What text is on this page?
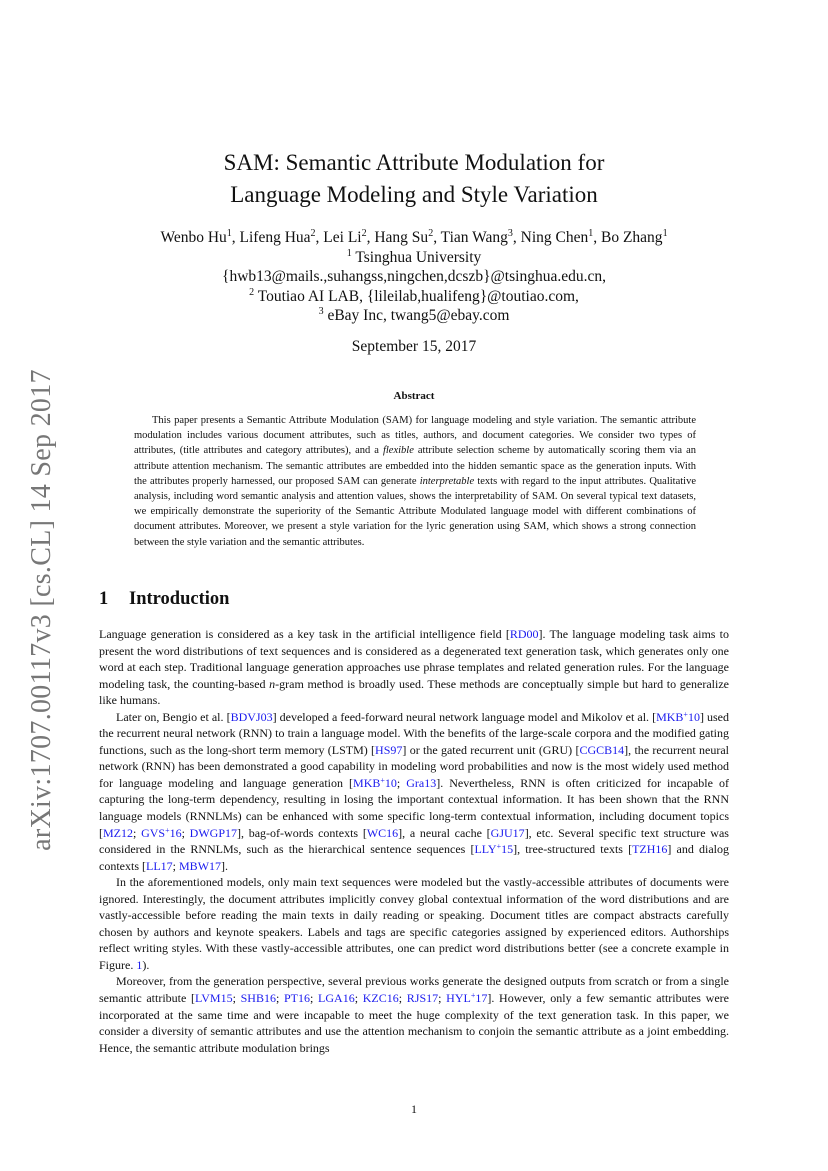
arXiv:1707.00117v3 [cs.CL] 14 Sep 2017
SAM: Semantic Attribute Modulation for
Language Modeling and Style Variation
Wenbo Hu$^1$, Lifeng Hua$^2$, Lei Li$^2$, Hang Su$^2$, Tian Wang$^3$, Ning Chen$^1$, Bo Zhang$^1$
$^1$ Tsinghua University
{hwb13@mails.,suhangss,ningchen,dcszb}@tsinghua.edu.cn,
$^2$ Toutiao AI LAB, {lileilab,hualifeng}@toutiao.com,
$^3$ eBay Inc, twang5@ebay.com
September 15, 2017
Abstract

This paper presents a Semantic Attribute Modulation (SAM) for language modeling and style variation. The semantic attribute modulation includes various document attributes, such as titles, authors, and document categories. We consider two types of attributes, (title attributes and category attributes), and a flexible attribute selection scheme by automatically scoring them via an attribute attention mechanism. The semantic attributes are embedded into the hidden semantic space as the generation inputs. With the attributes properly harnessed, our proposed SAM can generate interpretable texts with regard to the input attributes. Qualitative analysis, including word semantic analysis and attention values, shows the interpretability of SAM. On several typical text datasets, we empirically demonstrate the superiority of the Semantic Attribute Modulated language model with different combinations of document attributes. Moreover, we present a style variation for the lyric generation using SAM, which shows a strong connection between the style variation and the semantic attributes.

1 Introduction

Language generation is considered as a key task in the artificial intelligence field [RD00]. The language modeling task aims to present the word distributions of text sequences and is considered as a degenerated text generation task, which generates only one word at each step. Traditional language generation approaches use phrase templates and related generation rules. For the language modeling task, the counting-based n-gram method is broadly used. These methods are conceptually simple but hard to generalize like humans.

Later on, Bengio et al. [BDVJ03] developed a feed-forward neural network language model and Mikolov et al. [MKB+10] used the recurrent neural network (RNN) to train a language model. With the benefits of the large-scale corpora and the modified gating functions, such as the long-short term memory (LSTM) [HS97] or the gated recurrent unit (GRU) [CGCB14], the recurrent neural network (RNN) has been demonstrated a good capability in modeling word probabilities and now is the most widely used method for language modeling and language generation [MKB+10; Gra13]. Nevertheless, RNN is often criticized for incapable of capturing the long-term dependency, resulting in losing the important contextual information. It has been shown that the RNN language models (RNNLMs) can be enhanced with some specific long-term contextual information, including document topics [MZ12; GVS+16; DWGP17], bag-of-words contexts [WC16], a neural cache [GJU17], etc. Several specific text structure was considered in the RNNLMs, such as the hierarchical sentence sequences [LLY+15], tree-structured texts [TZH16] and dialog contexts [LL17; MBW17].

In the aforementioned models, only main text sequences were modeled but the vastly-accessible attributes of documents were ignored. Interestingly, the document attributes implicitly convey global contextual information of the word distributions and are vastly-accessible before reading the main texts in daily reading or speaking. Document titles are compact abstracts carefully chosen by authors and keynote speakers. Labels and tags are specific categories assigned by experienced editors. Authorships reflect writing styles. With these vastly-accessible attributes, one can predict word distributions better (see a concrete example in Figure. 1).

Moreover, from the generation perspective, several previous works generate the designed outputs from scratch or from a single semantic attribute [LVM15; SHB16; PT16; LGA16; KZC16; RJS17; HYL+17]. However, only a few semantic attributes were incorporated at the same time and were incapable to meet the huge complexity of the text generation task. In this paper, we consider a diversity of semantic attributes and use the attention mechanism to conjoin the semantic attribute as a joint embedding. Hence, the semantic attribute modulation brings

1
